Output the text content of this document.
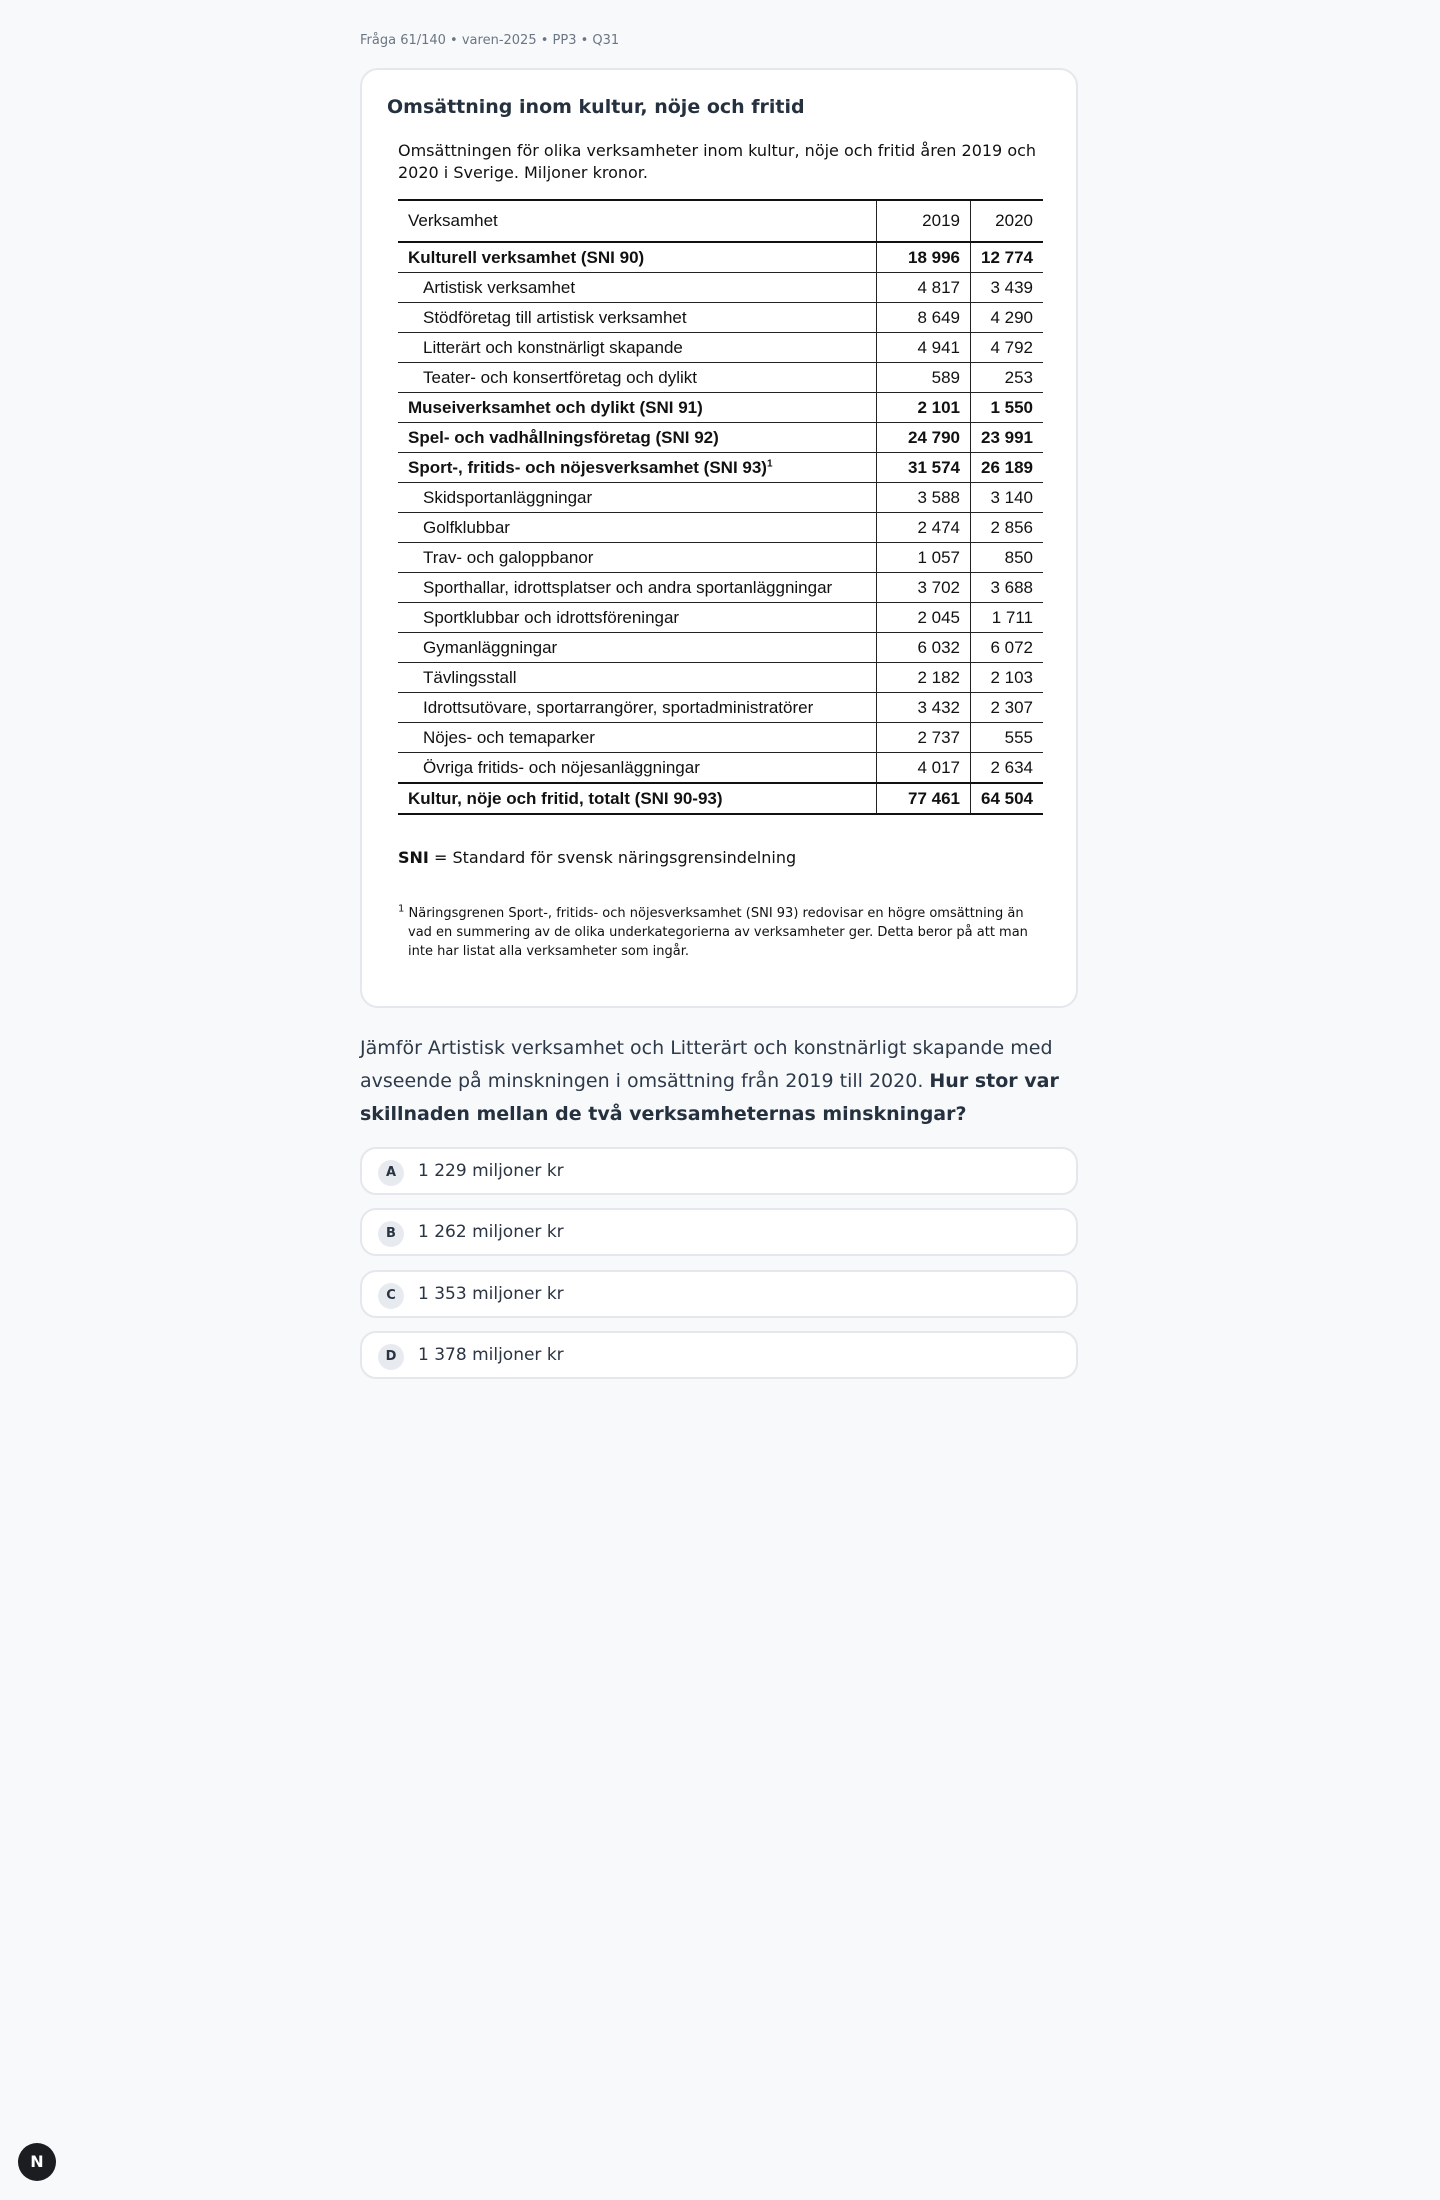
Fråga 61/140 • varen-2025 • PP3 • Q31
Omsättning inom kultur, nöje och fritid
Omsättningen för olika verksamheter inom kultur, nöje och fritid åren 2019 och 2020 i Sverige. Miljoner kronor.
Verksamhet	2019	2020
Kulturell verksamhet (SNI 90)	18 996	12 774
Artistisk verksamhet	4 817	3 439
Stödföretag till artistisk verksamhet	8 649	4 290
Litterärt och konstnärligt skapande	4 941	4 792
Teater- och konsertföretag och dylikt	589	253
Museiverksamhet och dylikt (SNI 91)	2 101	1 550
Spel- och vadhållningsföretag (SNI 92)	24 790	23 991
Sport-, fritids- och nöjesverksamhet (SNI 93)$^1$	31 574	26 189
Skidsportanläggningar	3 588	3 140
Golfklubbar	2 474	2 856
Trav- och galoppbanor	1 057	850
Sporthallar, idrottsplatser och andra sportanläggningar	3 702	3 688
Sportklubbar och idrottsföreningar	2 045	1 711
Gymanläggningar	6 032	6 072
Tävlingsstall	2 182	2 103
Idrottsutövare, sportarrangörer, sportadministratörer	3 432	2 307
Nöjes- och temaparker	2 737	555
Övriga fritids- och nöjesanläggningar	4 017	2 634
Kultur, nöje och fritid, totalt (SNI 90-93)	77 461	64 504
SNI = Standard för svensk näringsgrensindelning
$^1$ Näringsgrenen Sport-, fritids- och nöjesverksamhet (SNI 93) redovisar en högre omsättning än vad en summering av de olika underkategorierna av verksamheter ger. Detta beror på att man inte har listat alla verksamheter som ingår.
Jämför Artistisk verksamhet och Litterärt och konstnärligt skapande med avseende på minskningen i omsättning från 2019 till 2020. Hur stor var skillnaden mellan de två verksamheternas minskningar?
A	1 229 miljoner kr
B	1 262 miljoner kr
C	1 353 miljoner kr
D	1 378 miljoner kr
N
